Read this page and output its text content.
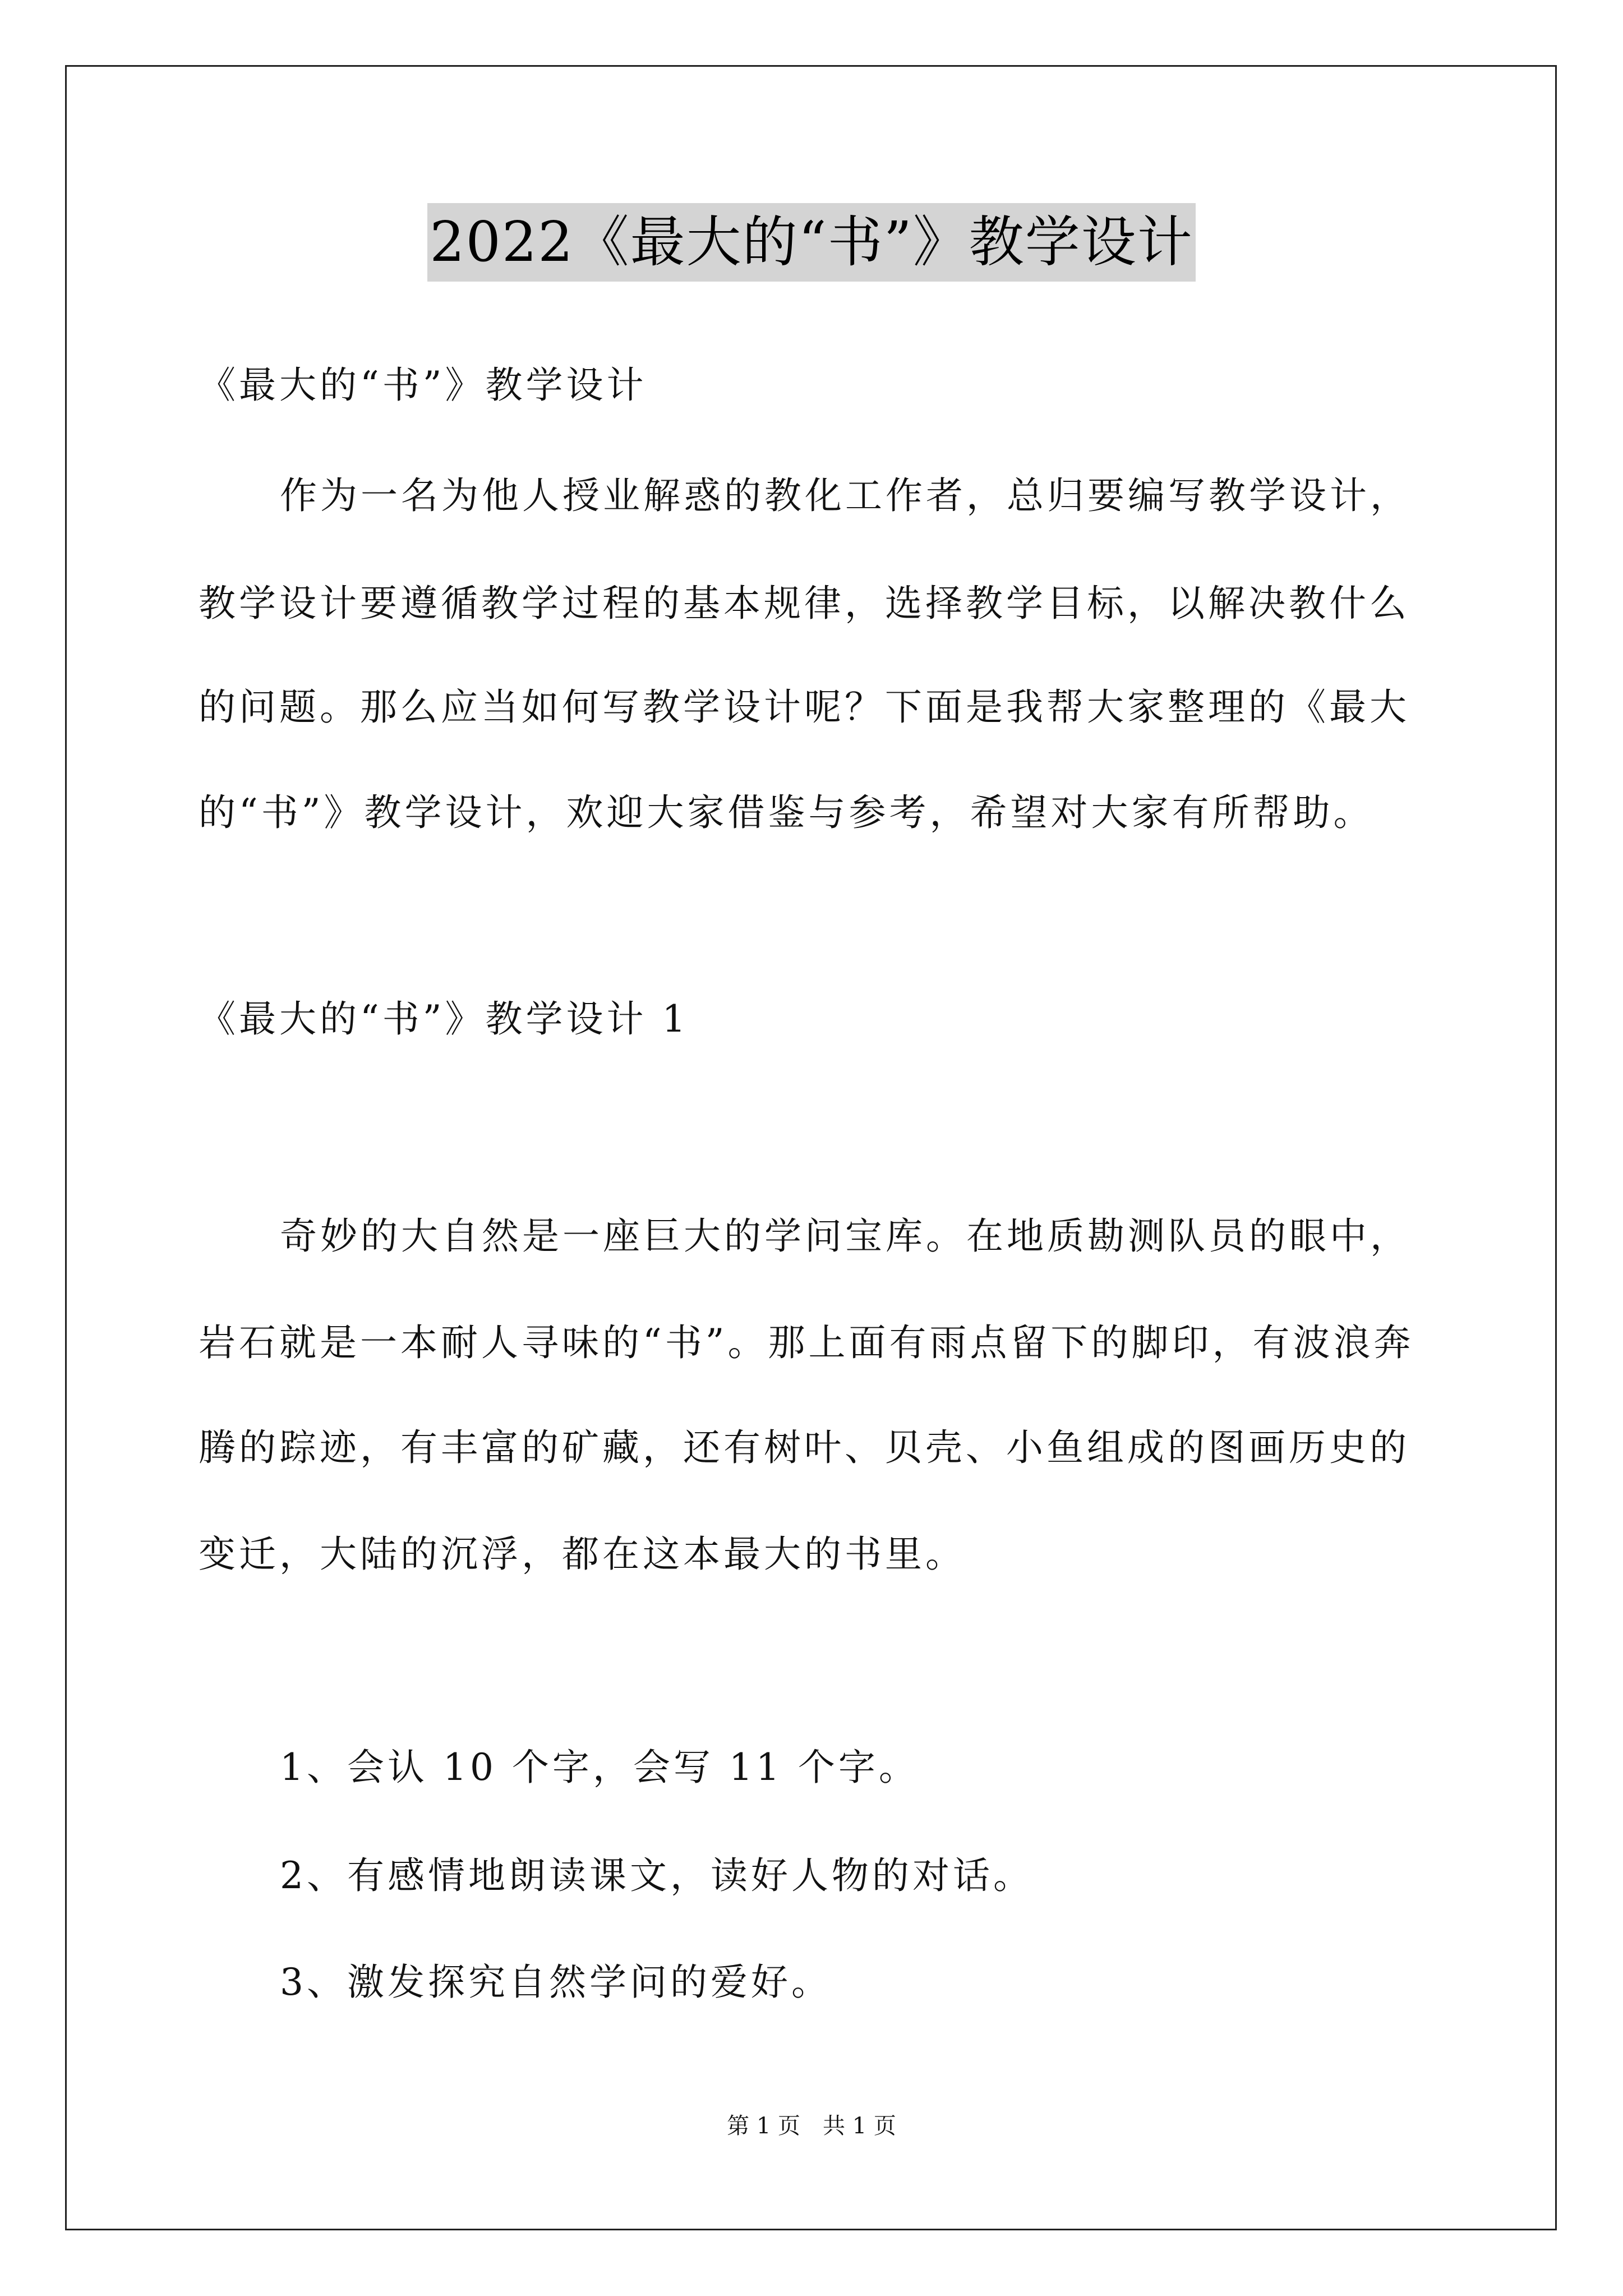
2022《最大的“书”》教学设计
《最大的“书”》教学设计
作为一名为他人授业解惑的教化工作者，总归要编写教学设计，
教学设计要遵循教学过程的基本规律，选择教学目标，以解决教什么
的问题。那么应当如何写教学设计呢？下面是我帮大家整理的《最大
的“书”》教学设计，欢迎大家借鉴与参考，希望对大家有所帮助。
《最大的“书”》教学设计 1
奇妙的大自然是一座巨大的学问宝库。在地质勘测队员的眼中，
岩石就是一本耐人寻味的“书”。那上面有雨点留下的脚印，有波浪奔
腾的踪迹，有丰富的矿藏，还有树叶、贝壳、小鱼组成的图画历史的
变迁，大陆的沉浮，都在这本最大的书里。
1、会认 10 个字，会写 11 个字。
2、有感情地朗读课文，读好人物的对话。
3、激发探究自然学问的爱好。
第 1 页 共 1 页
